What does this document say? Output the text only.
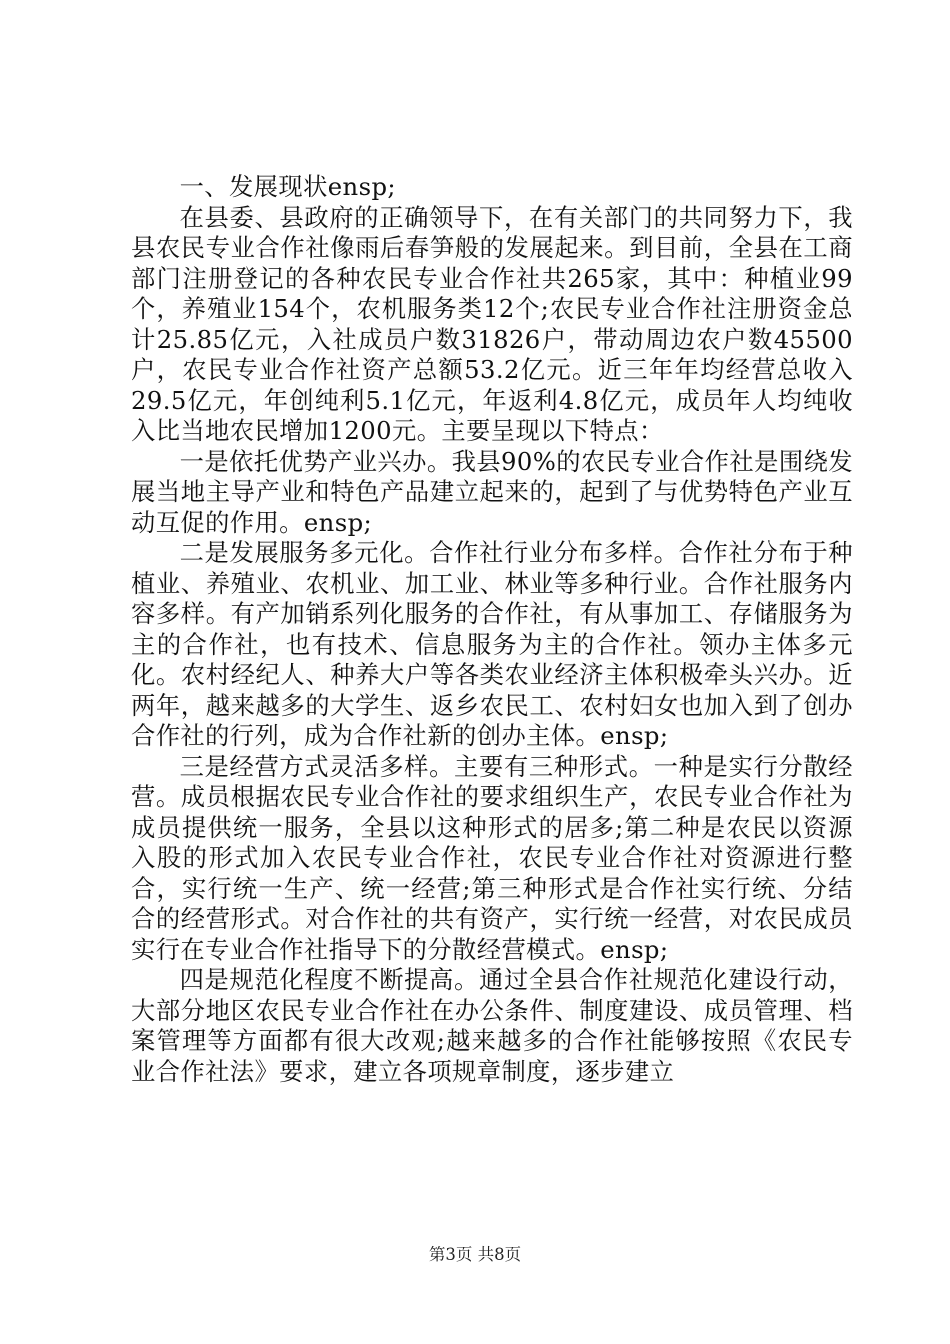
一、发展现状ensp;

在县委、县政府的正确领导下，在有关部门的共同努力下，我县农民专业合作社像雨后春笋般的发展起来。到目前，全县在工商部门注册登记的各种农民专业合作社共265家，其中：种植业99个，养殖业154个，农机服务类12个;农民专业合作社注册资金总计25.85亿元，入社成员户数31826户，带动周边农户数45500户，农民专业合作社资产总额53.2亿元。近三年年均经营总收入29.5亿元，年创纯利5.1亿元，年返利4.8亿元，成员年人均纯收入比当地农民增加1200元。主要呈现以下特点：

一是依托优势产业兴办。我县90%的农民专业合作社是围绕发展当地主导产业和特色产品建立起来的，起到了与优势特色产业互动互促的作用。ensp;

二是发展服务多元化。合作社行业分布多样。合作社分布于种植业、养殖业、农机业、加工业、林业等多种行业。合作社服务内容多样。有产加销系列化服务的合作社，有从事加工、存储服务为主的合作社，也有技术、信息服务为主的合作社。领办主体多元化。农村经纪人、种养大户等各类农业经济主体积极牵头兴办。近两年，越来越多的大学生、返乡农民工、农村妇女也加入到了创办合作社的行列，成为合作社新的创办主体。ensp;

三是经营方式灵活多样。主要有三种形式。一种是实行分散经营。成员根据农民专业合作社的要求组织生产，农民专业合作社为成员提供统一服务，全县以这种形式的居多;第二种是农民以资源入股的形式加入农民专业合作社，农民专业合作社对资源进行整合，实行统一生产、统一经营;第三种形式是合作社实行统、分结合的经营形式。对合作社的共有资产，实行统一经营，对农民成员实行在专业合作社指导下的分散经营模式。ensp;

四是规范化程度不断提高。通过全县合作社规范化建设行动，大部分地区农民专业合作社在办公条件、制度建设、成员管理、档案管理等方面都有很大改观;越来越多的合作社能够按照《农民专业合作社法》要求，建立各项规章制度，逐步建立

第3页 共8页
